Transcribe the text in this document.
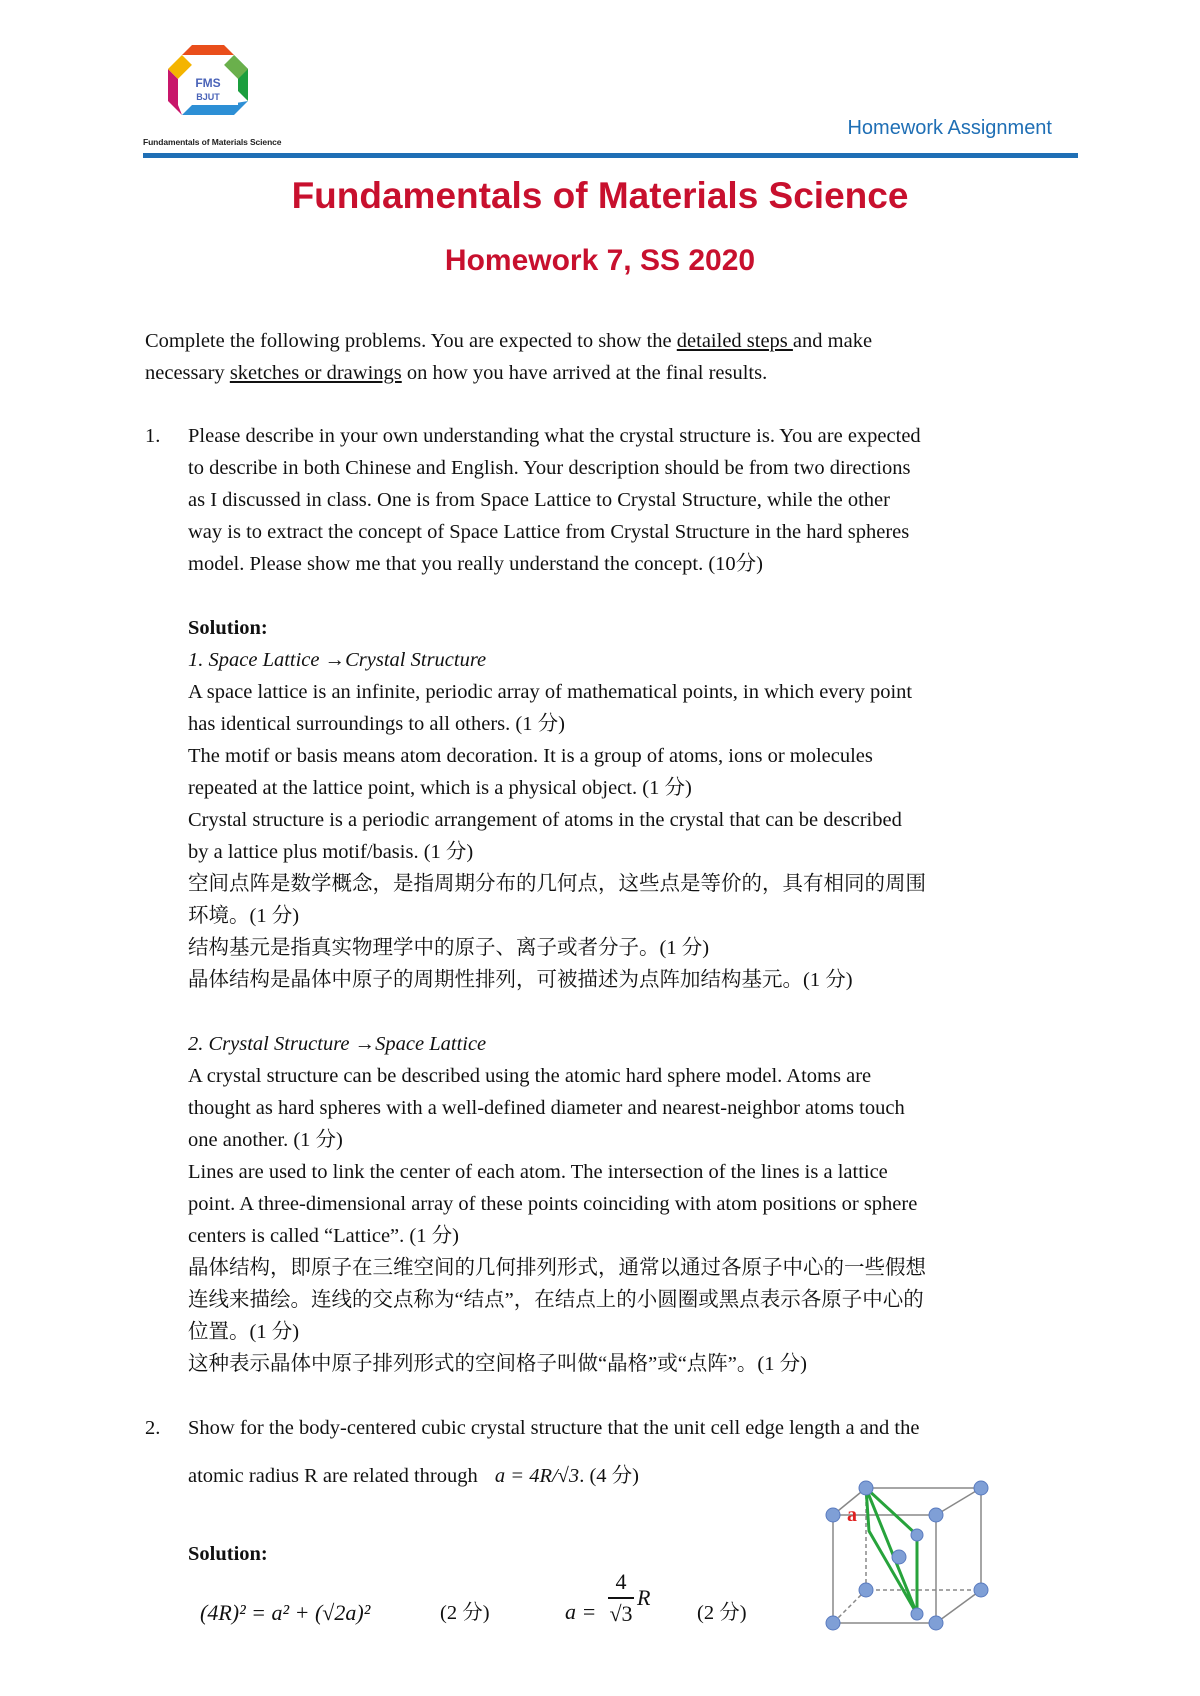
FMS
BJUT
Fundamentals of Materials Science
Homework Assignment
Fundamentals of Materials Science
Homework 7, SS 2020
Complete the following problems. You are expected to show the detailed steps and make
necessary sketches or drawings on how you have arrived at the final results.
1. Please describe in your own understanding what the crystal structure is. You are expected
to describe in both Chinese and English. Your description should be from two directions
as I discussed in class. One is from Space Lattice to Crystal Structure, while the other
way is to extract the concept of Space Lattice from Crystal Structure in the hard spheres
model. Please show me that you really understand the concept. (10分)
Solution:
1. Space Lattice →Crystal Structure
A space lattice is an infinite, periodic array of mathematical points, in which every point
has identical surroundings to all others. (1 分)
The motif or basis means atom decoration. It is a group of atoms, ions or molecules
repeated at the lattice point, which is a physical object. (1 分)
Crystal structure is a periodic arrangement of atoms in the crystal that can be described
by a lattice plus motif/basis. (1 分)
空间点阵是数学概念，是指周期分布的几何点，这些点是等价的，具有相同的周围
环境。(1 分)
结构基元是指真实物理学中的原子、离子或者分子。(1 分)
晶体结构是晶体中原子的周期性排列，可被描述为点阵加结构基元。(1 分)
2. Crystal Structure →Space Lattice
A crystal structure can be described using the atomic hard sphere model. Atoms are
thought as hard spheres with a well-defined diameter and nearest-neighbor atoms touch
one another. (1 分)
Lines are used to link the center of each atom. The intersection of the lines is a lattice
point. A three-dimensional array of these points coinciding with atom positions or sphere
centers is called “Lattice”. (1 分)
晶体结构，即原子在三维空间的几何排列形式，通常以通过各原子中心的一些假想
连线来描绘。连线的交点称为“结点”，在结点上的小圆圈或黑点表示各原子中心的
位置。(1 分)
这种表示晶体中原子排列形式的空间格子叫做“晶格”或“点阵”。(1 分)
2. Show for the body-centered cubic crystal structure that the unit cell edge length a and the
atomic radius R are related through a = 4R/√3. (4 分)
Solution:
(4R)² = a² + (√2a)²	(2 分)	a =
4
√3
R
(2 分)
a
